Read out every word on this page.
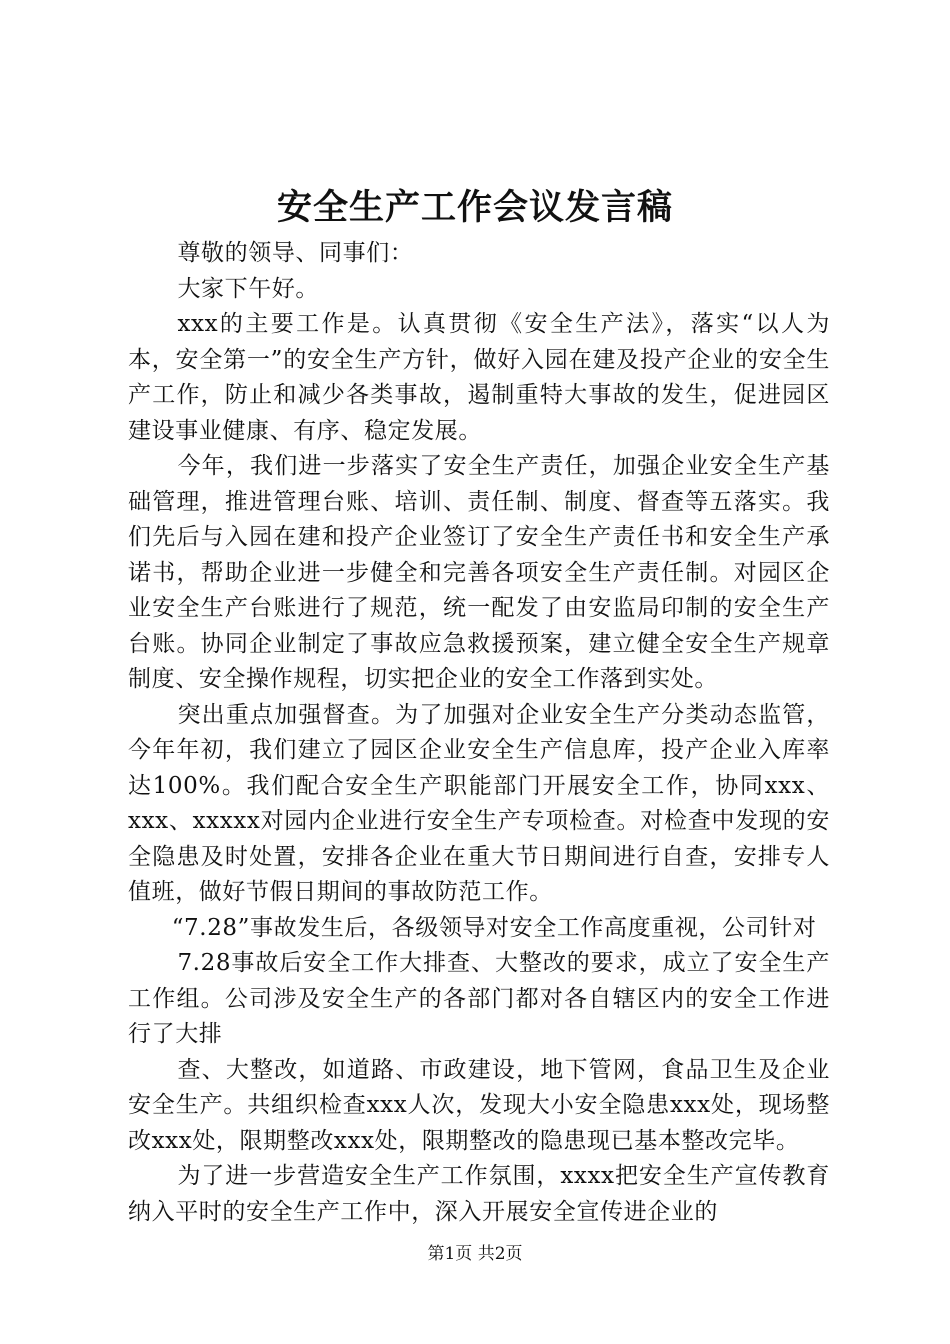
安全生产工作会议发言稿

尊敬的领导、同事们：

大家下午好。

xxx的主要工作是。认真贯彻《安全生产法》，落实“以人为本，安全第一”的安全生产方针，做好入园在建及投产企业的安全生产工作，防止和减少各类事故，遏制重特大事故的发生，促进园区建设事业健康、有序、稳定发展。

今年，我们进一步落实了安全生产责任，加强企业安全生产基础管理，推进管理台账、培训、责任制、制度、督查等五落实。我们先后与入园在建和投产企业签订了安全生产责任书和安全生产承诺书，帮助企业进一步健全和完善各项安全生产责任制。对园区企业安全生产台账进行了规范，统一配发了由安监局印制的安全生产台账。协同企业制定了事故应急救援预案，建立健全安全生产规章制度、安全操作规程，切实把企业的安全工作落到实处。

突出重点加强督查。为了加强对企业安全生产分类动态监管，今年年初，我们建立了园区企业安全生产信息库，投产企业入库率达100%。我们配合安全生产职能部门开展安全工作，协同xxx、xxx、xxxxx对园内企业进行安全生产专项检查。对检查中发现的安全隐患及时处置，安排各企业在重大节日期间进行自查，安排专人值班，做好节假日期间的事故防范工作。

“7.28”事故发生后，各级领导对安全工作高度重视，公司针对

7.28事故后安全工作大排查、大整改的要求，成立了安全生产工作组。公司涉及安全生产的各部门都对各自辖区内的安全工作进行了大排

查、大整改，如道路、市政建设，地下管网，食品卫生及企业安全生产。共组织检查xxx人次，发现大小安全隐患xxx处，现场整改xxx处，限期整改xxx处，限期整改的隐患现已基本整改完毕。

为了进一步营造安全生产工作氛围，xxxx把安全生产宣传教育纳入平时的安全生产工作中，深入开展安全宣传进企业的

第1页 共2页
